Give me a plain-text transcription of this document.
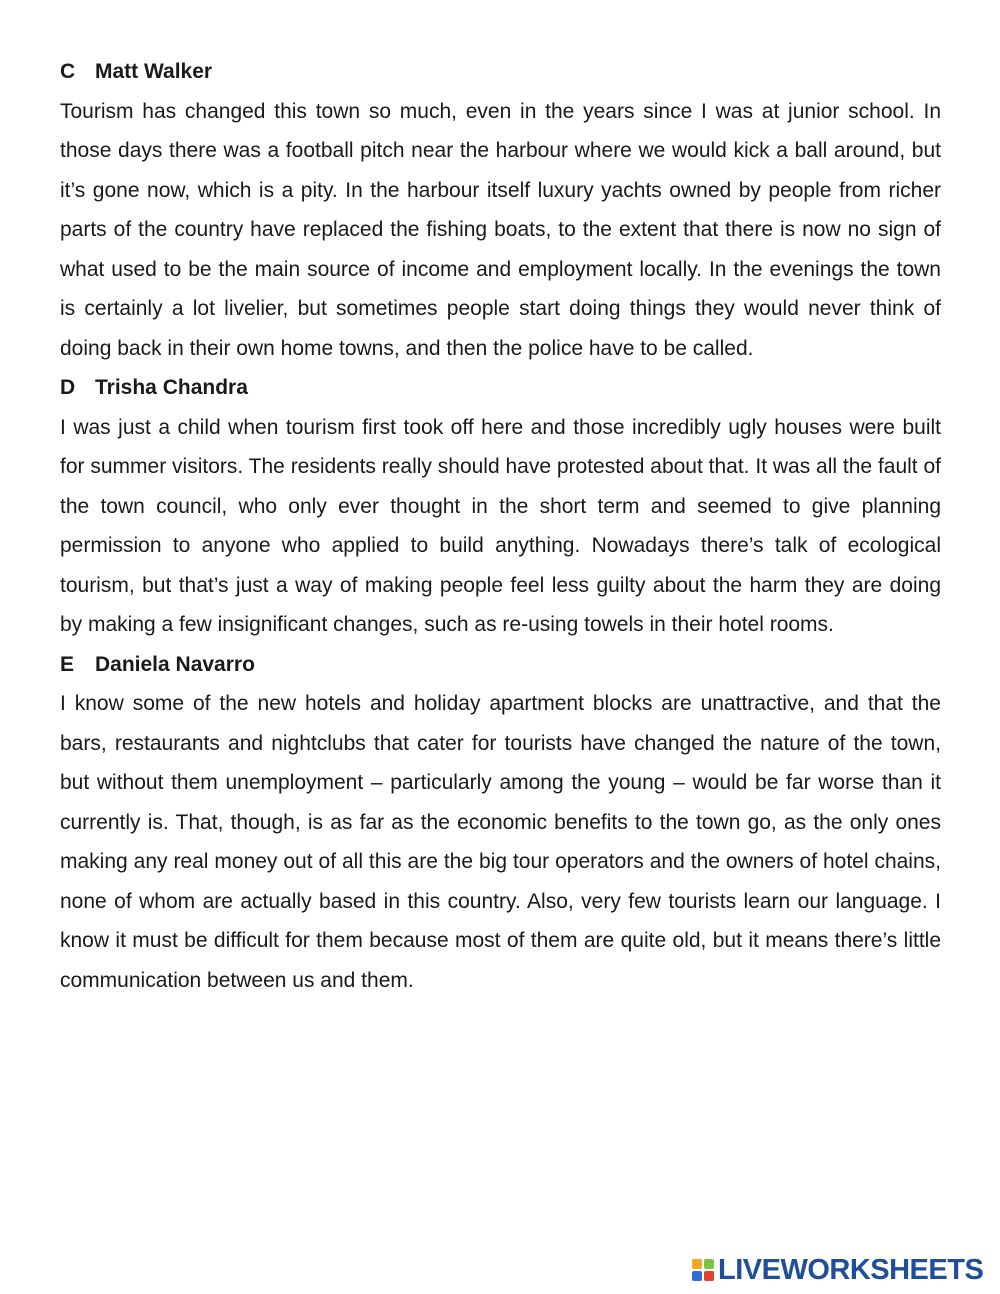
C Matt Walker

Tourism has changed this town so much, even in the years since I was at junior school. In those days there was a football pitch near the harbour where we would kick a ball around, but it’s gone now, which is a pity. In the harbour itself luxury yachts owned by people from richer parts of the country have replaced the fishing boats, to the extent that there is now no sign of what used to be the main source of income and employment locally. In the evenings the town is certainly a lot livelier, but sometimes people start doing things they would never think of doing back in their own home towns, and then the police have to be called.

D Trisha Chandra

I was just a child when tourism first took off here and those incredibly ugly houses were built for summer visitors. The residents really should have protested about that. It was all the fault of the town council, who only ever thought in the short term and seemed to give planning permission to anyone who applied to build anything. Nowadays there’s talk of ecological tourism, but that’s just a way of making people feel less guilty about the harm they are doing by making a few insignificant changes, such as re-using towels in their hotel rooms.

E Daniela Navarro

I know some of the new hotels and holiday apartment blocks are unattractive, and that the bars, restaurants and nightclubs that cater for tourists have changed the nature of the town, but without them unemployment – particularly among the young – would be far worse than it currently is. That, though, is as far as the economic benefits to the town go, as the only ones making any real money out of all this are the big tour operators and the owners of hotel chains, none of whom are actually based in this country. Also, very few tourists learn our language. I know it must be difficult for them because most of them are quite old, but it means there’s little communication between us and them.

LIVEWORKSHEETS
